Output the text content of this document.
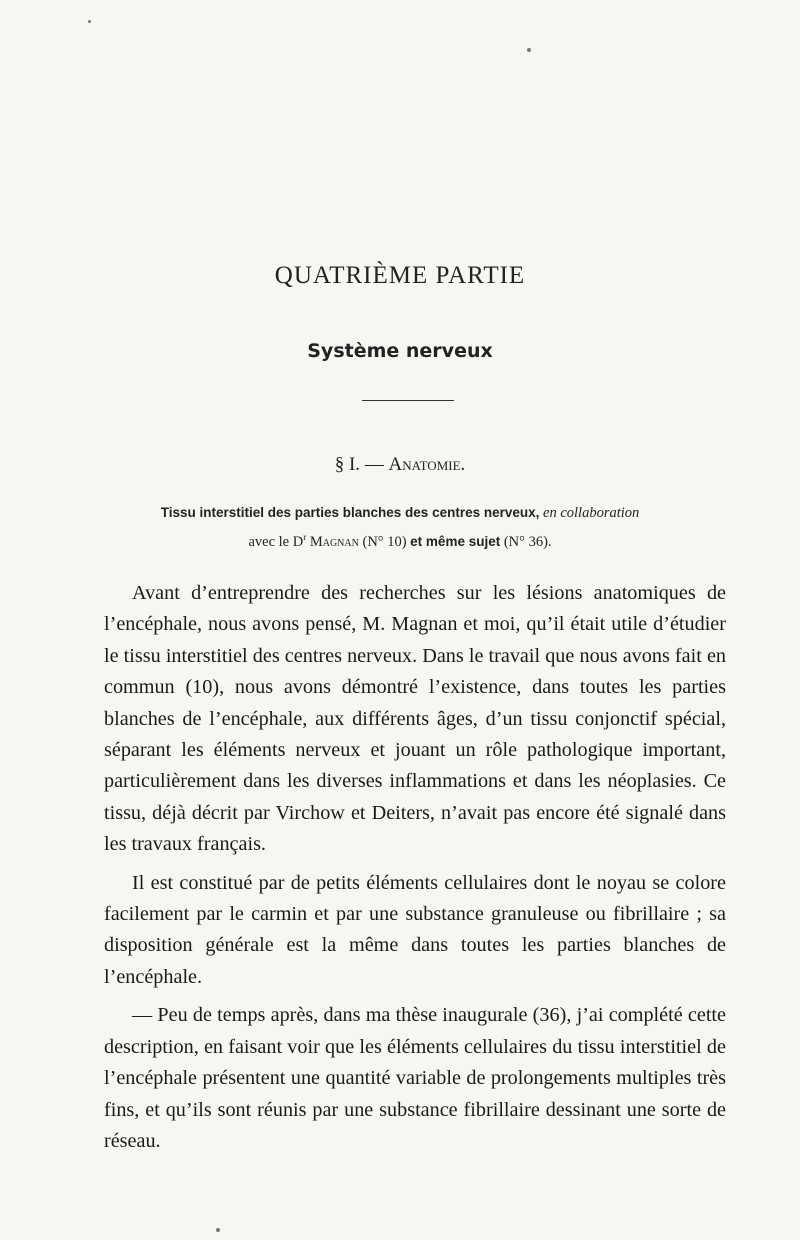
QUATRIÈME PARTIE
Système nerveux
§ I. — Anatomie.
Tissu interstitiel des parties blanches des centres nerveux, en collaboration
avec le $D^r$ Magnan (N° 10) et même sujet (N° 36).

Avant d’entreprendre des recherches sur les lésions anatomiques de l’encéphale, nous avons pensé, M. Magnan et moi, qu’il était utile d’étudier le tissu interstitiel des centres nerveux. Dans le travail que nous avons fait en commun (10), nous avons démontré l’existence, dans toutes les parties blanches de l’encéphale, aux différents âges, d’un tissu conjonctif spécial, séparant les éléments nerveux et jouant un rôle pathologique important, particulièrement dans les diverses inflammations et dans les néoplasies. Ce tissu, déjà décrit par Virchow et Deiters, n’avait pas encore été signalé dans les travaux français.

Il est constitué par de petits éléments cellulaires dont le noyau se colore facilement par le carmin et par une substance granuleuse ou fibrillaire ; sa disposition générale est la même dans toutes les parties blanches de l’encéphale.

— Peu de temps après, dans ma thèse inaugurale (36), j’ai complété cette description, en faisant voir que les éléments cellulaires du tissu interstitiel de l’encéphale présentent une quantité variable de prolongements multiples très fins, et qu’ils sont réunis par une substance fibrillaire dessinant une sorte de réseau.
